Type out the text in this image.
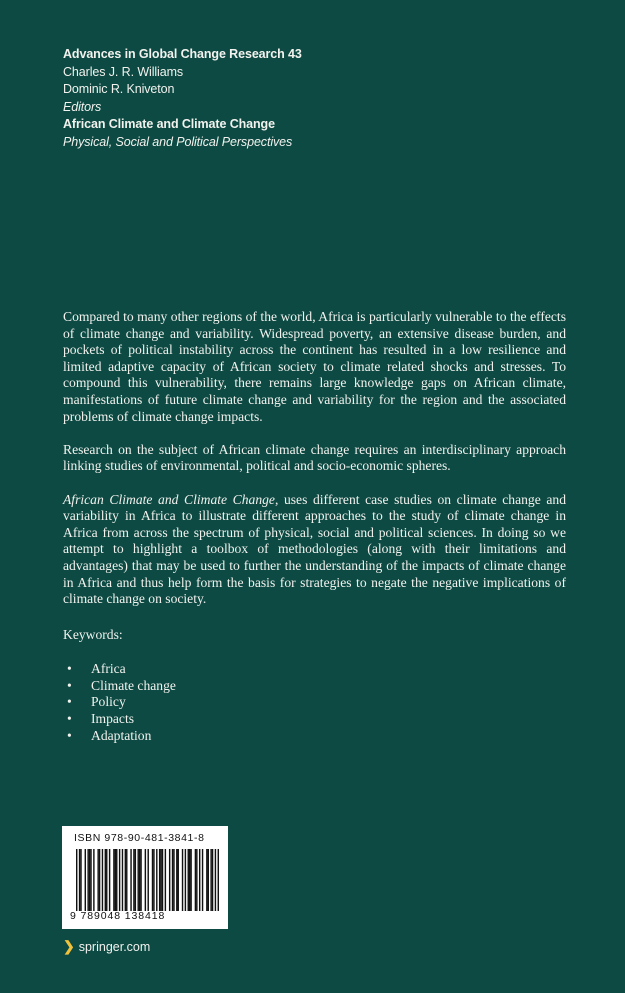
Advances in Global Change Research 43
Charles J. R. Williams
Dominic R. Kniveton
Editors
African Climate and Climate Change
Physical, Social and Political Perspectives

Compared to many other regions of the world, Africa is particularly vulnerable to the effects of climate change and variability. Widespread poverty, an extensive disease burden, and pockets of political instability across the continent has resulted in a low resilience and limited adaptive capacity of African society to climate related shocks and stresses. To compound this vulnerability, there remains large knowledge gaps on African climate, manifestations of future climate change and variability for the region and the associated problems of climate change impacts.

Research on the subject of African climate change requires an interdisciplinary approach linking studies of environmental, political and socio-economic spheres.

African Climate and Climate Change, uses different case studies on climate change and variability in Africa to illustrate different approaches to the study of climate change in Africa from across the spectrum of physical, social and political sciences. In doing so we attempt to highlight a toolbox of methodologies (along with their limitations and advantages) that may be used to further the understanding of the impacts of climate change in Africa and thus help form the basis for strategies to negate the negative implications of climate change on society.

Keywords:
• Africa
• Climate change
• Policy
• Impacts
• Adaptation
ISBN 978-90-481-3841-8
9 789048 138418
❯ springer.com
